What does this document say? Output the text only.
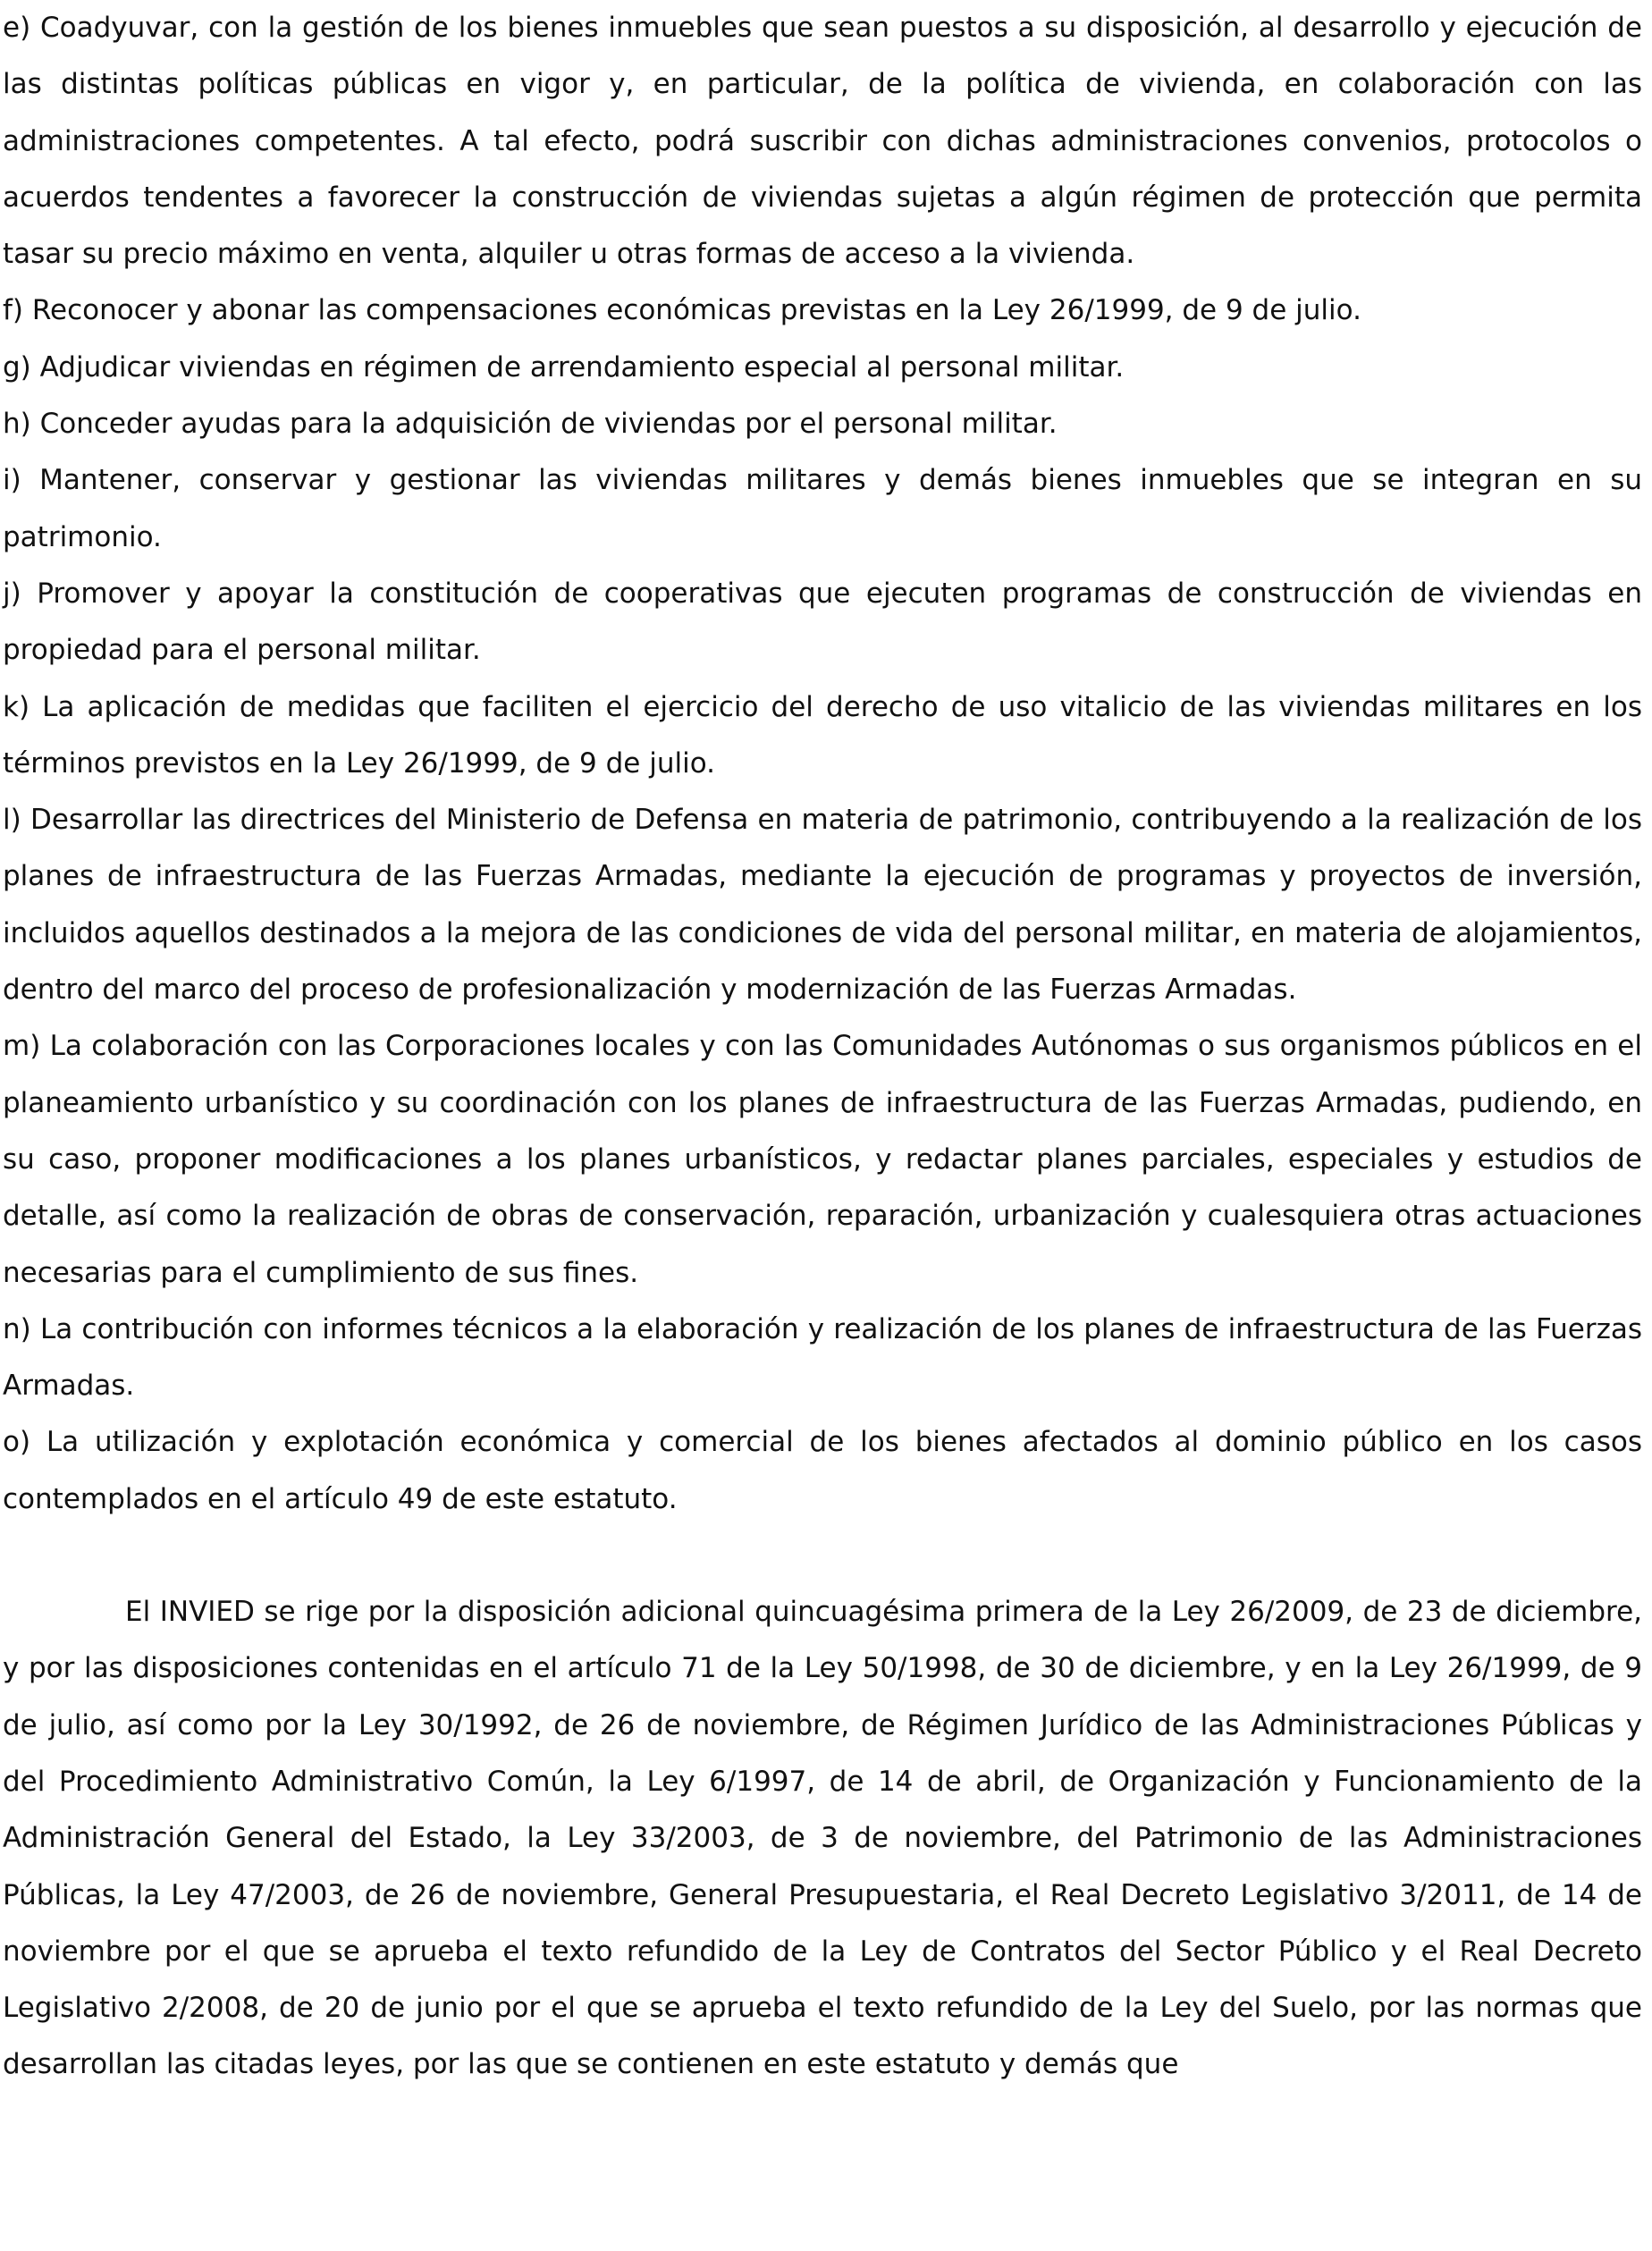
e) Coadyuvar, con la gestión de los bienes inmuebles que sean puestos a su disposición, al desarrollo y ejecución de las distintas políticas públicas en vigor y, en particular, de la política de vivienda, en colaboración con las administraciones competentes. A tal efecto, podrá suscribir con dichas administraciones convenios, protocolos o acuerdos tendentes a favorecer la construcción de viviendas sujetas a algún régimen de protección que permita tasar su precio máximo en venta, alquiler u otras formas de acceso a la vivienda.

f) Reconocer y abonar las compensaciones económicas previstas en la Ley 26/1999, de 9 de julio.

g) Adjudicar viviendas en régimen de arrendamiento especial al personal militar.

h) Conceder ayudas para la adquisición de viviendas por el personal militar.

i) Mantener, conservar y gestionar las viviendas militares y demás bienes inmuebles que se integran en su patrimonio.

j) Promover y apoyar la constitución de cooperativas que ejecuten programas de construcción de viviendas en propiedad para el personal militar.

k) La aplicación de medidas que faciliten el ejercicio del derecho de uso vitalicio de las viviendas militares en los términos previstos en la Ley 26/1999, de 9 de julio.

l) Desarrollar las directrices del Ministerio de Defensa en materia de patrimonio, contribuyendo a la realización de los planes de infraestructura de las Fuerzas Armadas, mediante la ejecución de programas y proyectos de inversión, incluidos aquellos destinados a la mejora de las condiciones de vida del personal militar, en materia de alojamientos, dentro del marco del proceso de profesionalización y modernización de las Fuerzas Armadas.

m) La colaboración con las Corporaciones locales y con las Comunidades Autónomas o sus organismos públicos en el planeamiento urbanístico y su coordinación con los planes de infraestructura de las Fuerzas Armadas, pudiendo, en su caso, proponer modificaciones a los planes urbanísticos, y redactar planes parciales, especiales y estudios de detalle, así como la realización de obras de conservación, reparación, urbanización y cualesquiera otras actuaciones necesarias para el cumplimiento de sus fines.

n) La contribución con informes técnicos a la elaboración y realización de los planes de infraestructura de las Fuerzas Armadas.

o) La utilización y explotación económica y comercial de los bienes afectados al dominio público en los casos contemplados en el artículo 49 de este estatuto.

El INVIED se rige por la disposición adicional quincuagésima primera de la Ley 26/2009, de 23 de diciembre, y por las disposiciones contenidas en el artículo 71 de la Ley 50/1998, de 30 de diciembre, y en la Ley 26/1999, de 9 de julio, así como por la Ley 30/1992, de 26 de noviembre, de Régimen Jurídico de las Administraciones Públicas y del Procedimiento Administrativo Común, la Ley 6/1997, de 14 de abril, de Organización y Funcionamiento de la Administración General del Estado, la Ley 33/2003, de 3 de noviembre, del Patrimonio de las Administraciones Públicas, la Ley 47/2003, de 26 de noviembre, General Presupuestaria, el Real Decreto Legislativo 3/2011, de 14 de noviembre por el que se aprueba el texto refundido de la Ley de Contratos del Sector Público y el Real Decreto Legislativo 2/2008, de 20 de junio por el que se aprueba el texto refundido de la Ley del Suelo, por las normas que desarrollan las citadas leyes, por las que se contienen en este estatuto y demás que
